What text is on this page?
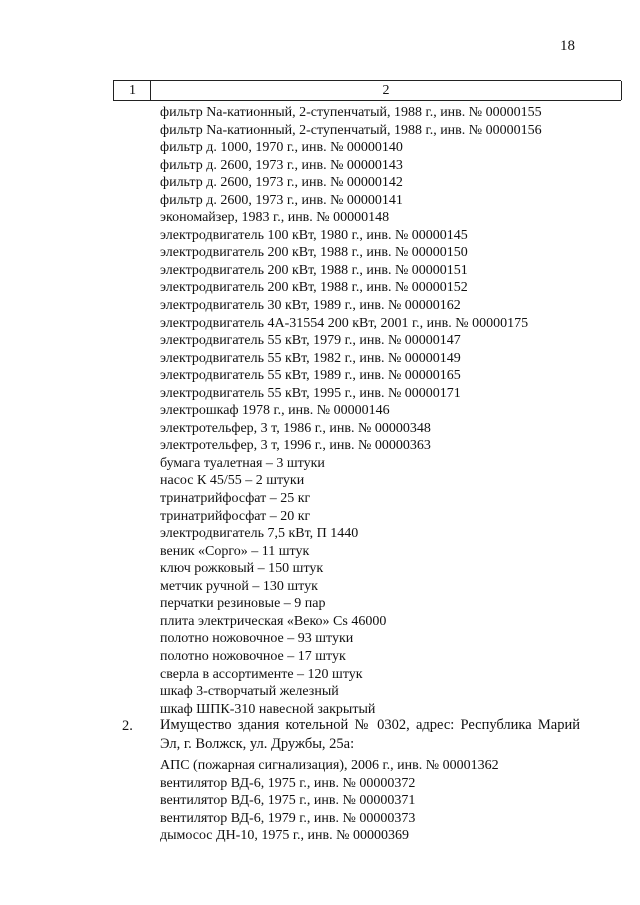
18
1	2
фильтр Na-катионный, 2-ступенчатый, 1988 г., инв. № 00000155
фильтр Na-катионный, 2-ступенчатый, 1988 г., инв. № 00000156
фильтр д. 1000, 1970 г., инв. № 00000140
фильтр д. 2600, 1973 г., инв. № 00000143
фильтр д. 2600, 1973 г., инв. № 00000142
фильтр д. 2600, 1973 г., инв. № 00000141
экономайзер, 1983 г., инв. № 00000148
электродвигатель 100 кВт, 1980 г., инв. № 00000145
электродвигатель 200 кВт, 1988 г., инв. № 00000150
электродвигатель 200 кВт, 1988 г., инв. № 00000151
электродвигатель 200 кВт, 1988 г., инв. № 00000152
электродвигатель 30 кВт, 1989 г., инв. № 00000162
электродвигатель 4А-31554 200 кВт, 2001 г., инв. № 00000175
электродвигатель 55 кВт, 1979 г., инв. № 00000147
электродвигатель 55 кВт, 1982 г., инв. № 00000149
электродвигатель 55 кВт, 1989 г., инв. № 00000165
электродвигатель 55 кВт, 1995 г., инв. № 00000171
электрошкаф 1978 г., инв. № 00000146
электротельфер, 3 т, 1986 г., инв. № 00000348
электротельфер, 3 т, 1996 г., инв. № 00000363
бумага туалетная – 3 штуки
насос К 45/55 – 2 штуки
тринатрийфосфат – 25 кг
тринатрийфосфат – 20 кг
электродвигатель 7,5 кВт, П 1440
веник «Сорго» – 11 штук
ключ рожковый – 150 штук
метчик ручной – 130 штук
перчатки резиновые – 9 пар
плита электрическая «Веко» Cs 46000
полотно ножовочное – 93 штуки
полотно ножовочное – 17 штук
сверла в ассортименте – 120 штук
шкаф 3-створчатый железный
шкаф ШПК-310 навесной закрытый
2. Имущество здания котельной № 0302, адрес: Республика Марий Эл, г. Волжск, ул. Дружбы, 25а:
АПС (пожарная сигнализация), 2006 г., инв. № 00001362
вентилятор ВД-6, 1975 г., инв. № 00000372
вентилятор ВД-6, 1975 г., инв. № 00000371
вентилятор ВД-6, 1979 г., инв. № 00000373
дымосос ДН-10, 1975 г., инв. № 00000369
